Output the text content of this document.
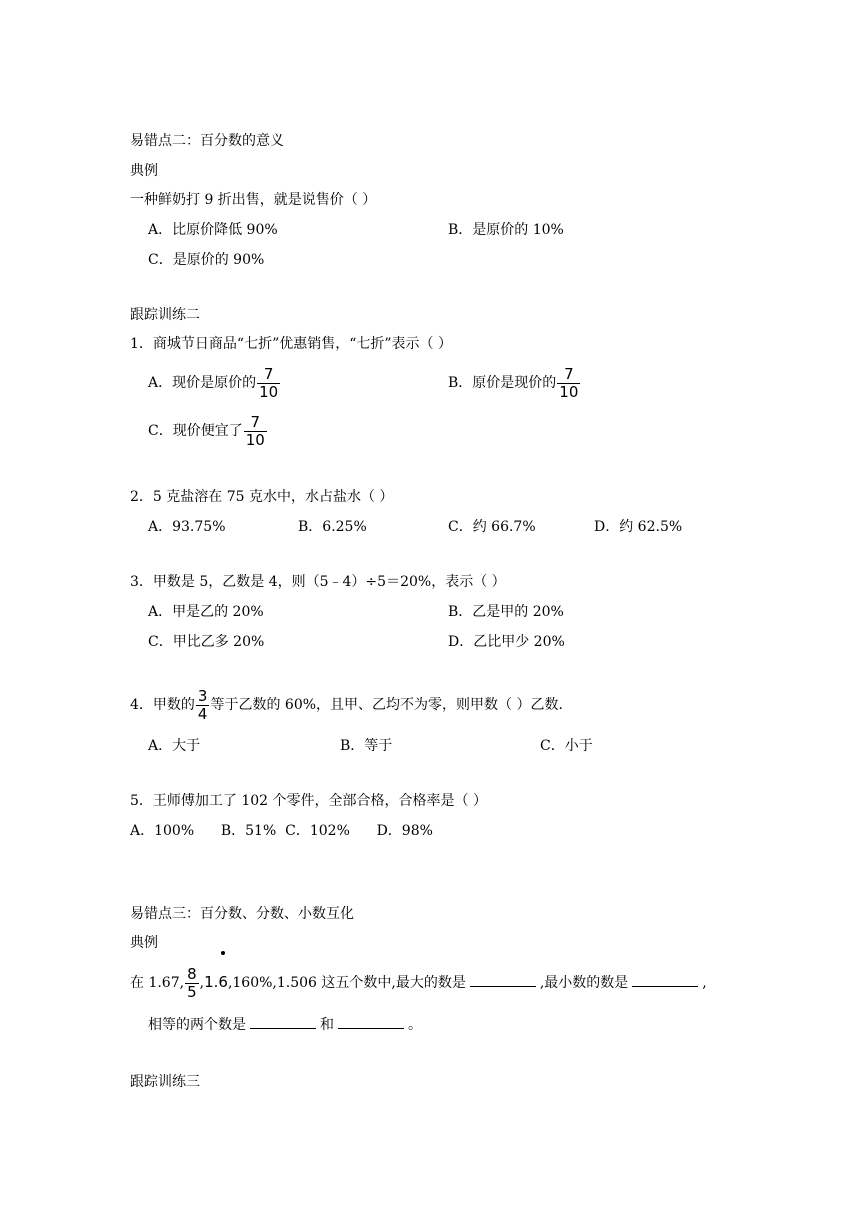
易错点二：百分数的意义
典例
一种鲜奶打 9 折出售，就是说售价（ ）
A．比原价降低 90%	B．是原价的 10%
C．是原价的 90%
跟踪训练二
1．商城节日商品“七折”优惠销售，“七折”表示（ ）
A．现价是原价的 $\frac{7}{10}$	B．原价是现价的 $\frac{7}{10}$
C．现价便宜了 $\frac{7}{10}$
2．5 克盐溶在 75 克水中，水占盐水（ ）
A．93.75%	B．6.25%	C．约 66.7%	D．约 62.5%
3．甲数是 5，乙数是 4，则（5﹣4）÷5＝20%，表示（ ）
A．甲是乙的 20%	B．乙是甲的 20%
C．甲比乙多 20%	D．乙比甲少 20%
4．甲数的 $\frac{3}{4}$ 等于乙数的 60%，且甲、乙均不为零，则甲数（ ）乙数．
A．大于	B．等于	C．小于
5．王师傅加工了 102 个零件，全部合格，合格率是（ ）
A．100%      B．51%  C．102%      D．98%
易错点三：百分数、分数、小数互化
典例
在 1.67, $\frac{8}{5} ,1$.
6,160%,1.506 这五个数中,最大的数是	,最小数的数是	,
相等的两个数是	和	。
跟踪训练三
